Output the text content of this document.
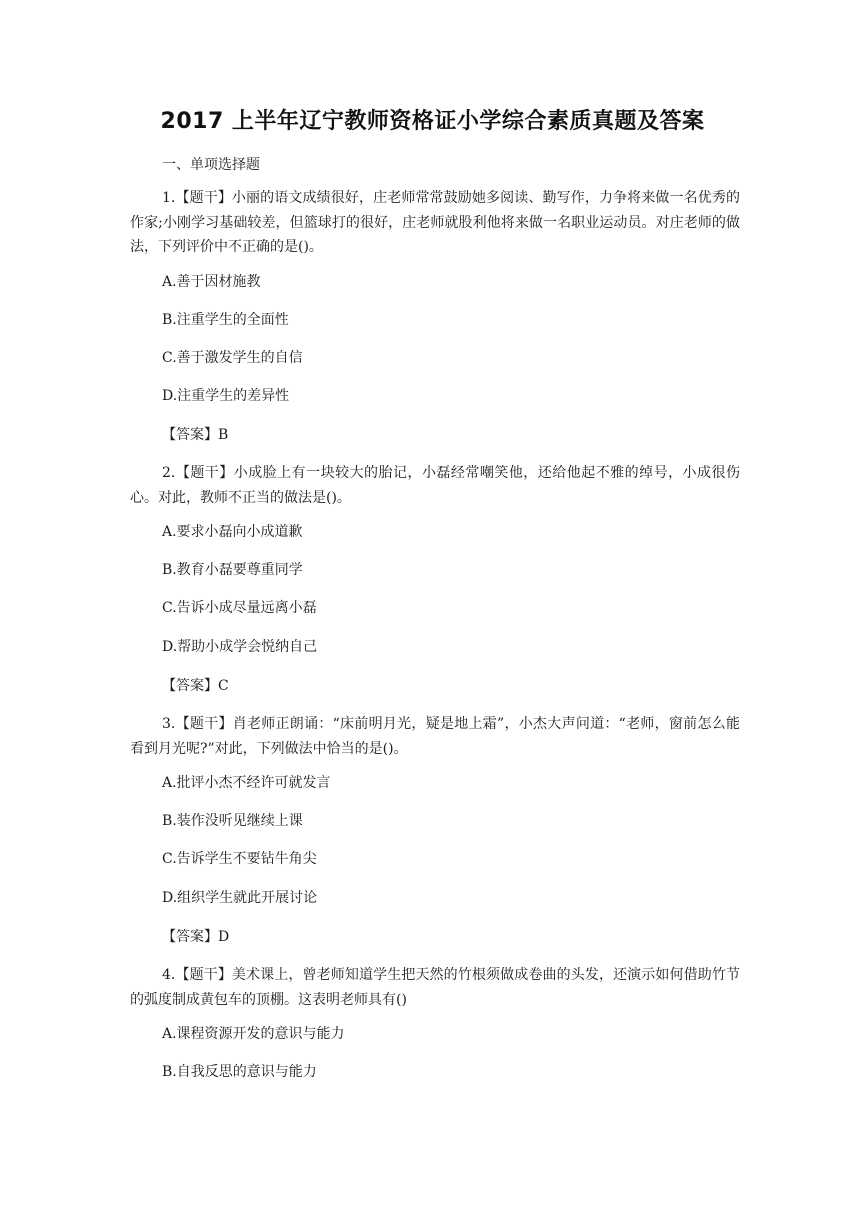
2017 上半年辽宁教师资格证小学综合素质真题及答案
一、单项选择题
1.【题干】小丽的语文成绩很好，庄老师常常鼓励她多阅读、勤写作，力争将来做一名优秀的作家;小刚学习基础较差，但篮球打的很好，庄老师就股利他将来做一名职业运动员。对庄老师的做法，下列评价中不正确的是()。
A.善于因材施教
B.注重学生的全面性
C.善于激发学生的自信
D.注重学生的差异性
【答案】B
2.【题干】小成脸上有一块较大的胎记，小磊经常嘲笑他，还给他起不雅的绰号，小成很伤心。对此，教师不正当的做法是()。
A.要求小磊向小成道歉
B.教育小磊要尊重同学
C.告诉小成尽量远离小磊
D.帮助小成学会悦纳自己
【答案】C
3.【题干】肖老师正朗诵：“床前明月光，疑是地上霜”，小杰大声问道：“老师，窗前怎么能看到月光呢?”对此，下列做法中恰当的是()。
A.批评小杰不经许可就发言
B.装作没听见继续上课
C.告诉学生不要钻牛角尖
D.组织学生就此开展讨论
【答案】D
4.【题干】美术课上，曾老师知道学生把天然的竹根须做成卷曲的头发，还演示如何借助竹节的弧度制成黄包车的顶棚。这表明老师具有()
A.课程资源开发的意识与能力
B.自我反思的意识与能力
